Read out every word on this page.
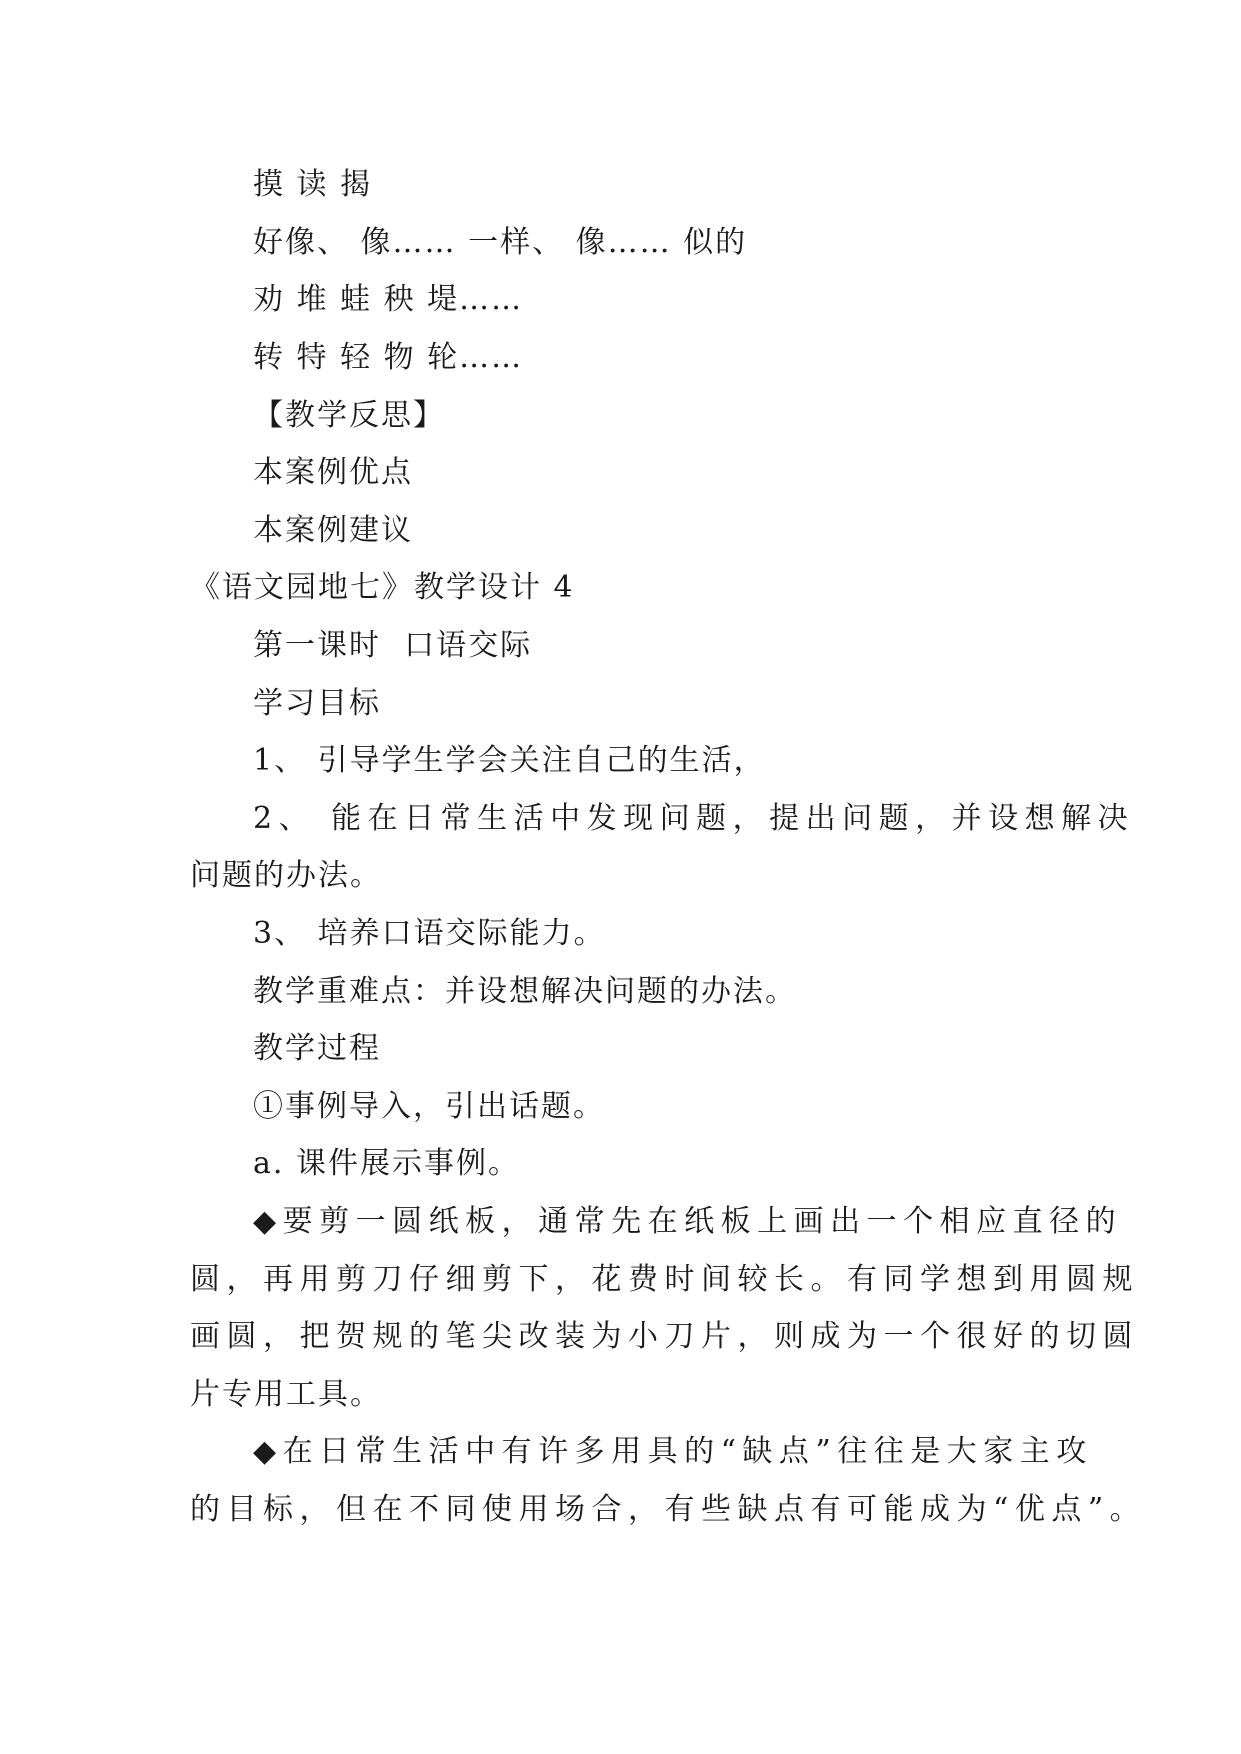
摸 读 揭
好像、 像…… 一样、 像…… 似的
劝 堆 蛙 秧 堤……
转 特 轻 物 轮……
【教学反思】
本案例优点
本案例建议
《语文园地七》教学设计 4
第一课时  口语交际
学习目标
1、 引导学生学会关注自己的生活，
2、 能在日常生活中发现问题，提出问题，并设想解决
问题的办法。
3、 培养口语交际能力。
教学重难点：并设想解决问题的办法。
教学过程
①事例导入，引出话题。
a. 课件展示事例。
◆要剪一圆纸板，通常先在纸板上画出一个相应直径的
圆，再用剪刀仔细剪下，花费时间较长。有同学想到用圆规
画圆，把贺规的笔尖改装为小刀片，则成为一个很好的切圆
片专用工具。
◆在日常生活中有许多用具的“缺点”往往是大家主攻
的目标，但在不同使用场合，有些缺点有可能成为“优点”。
